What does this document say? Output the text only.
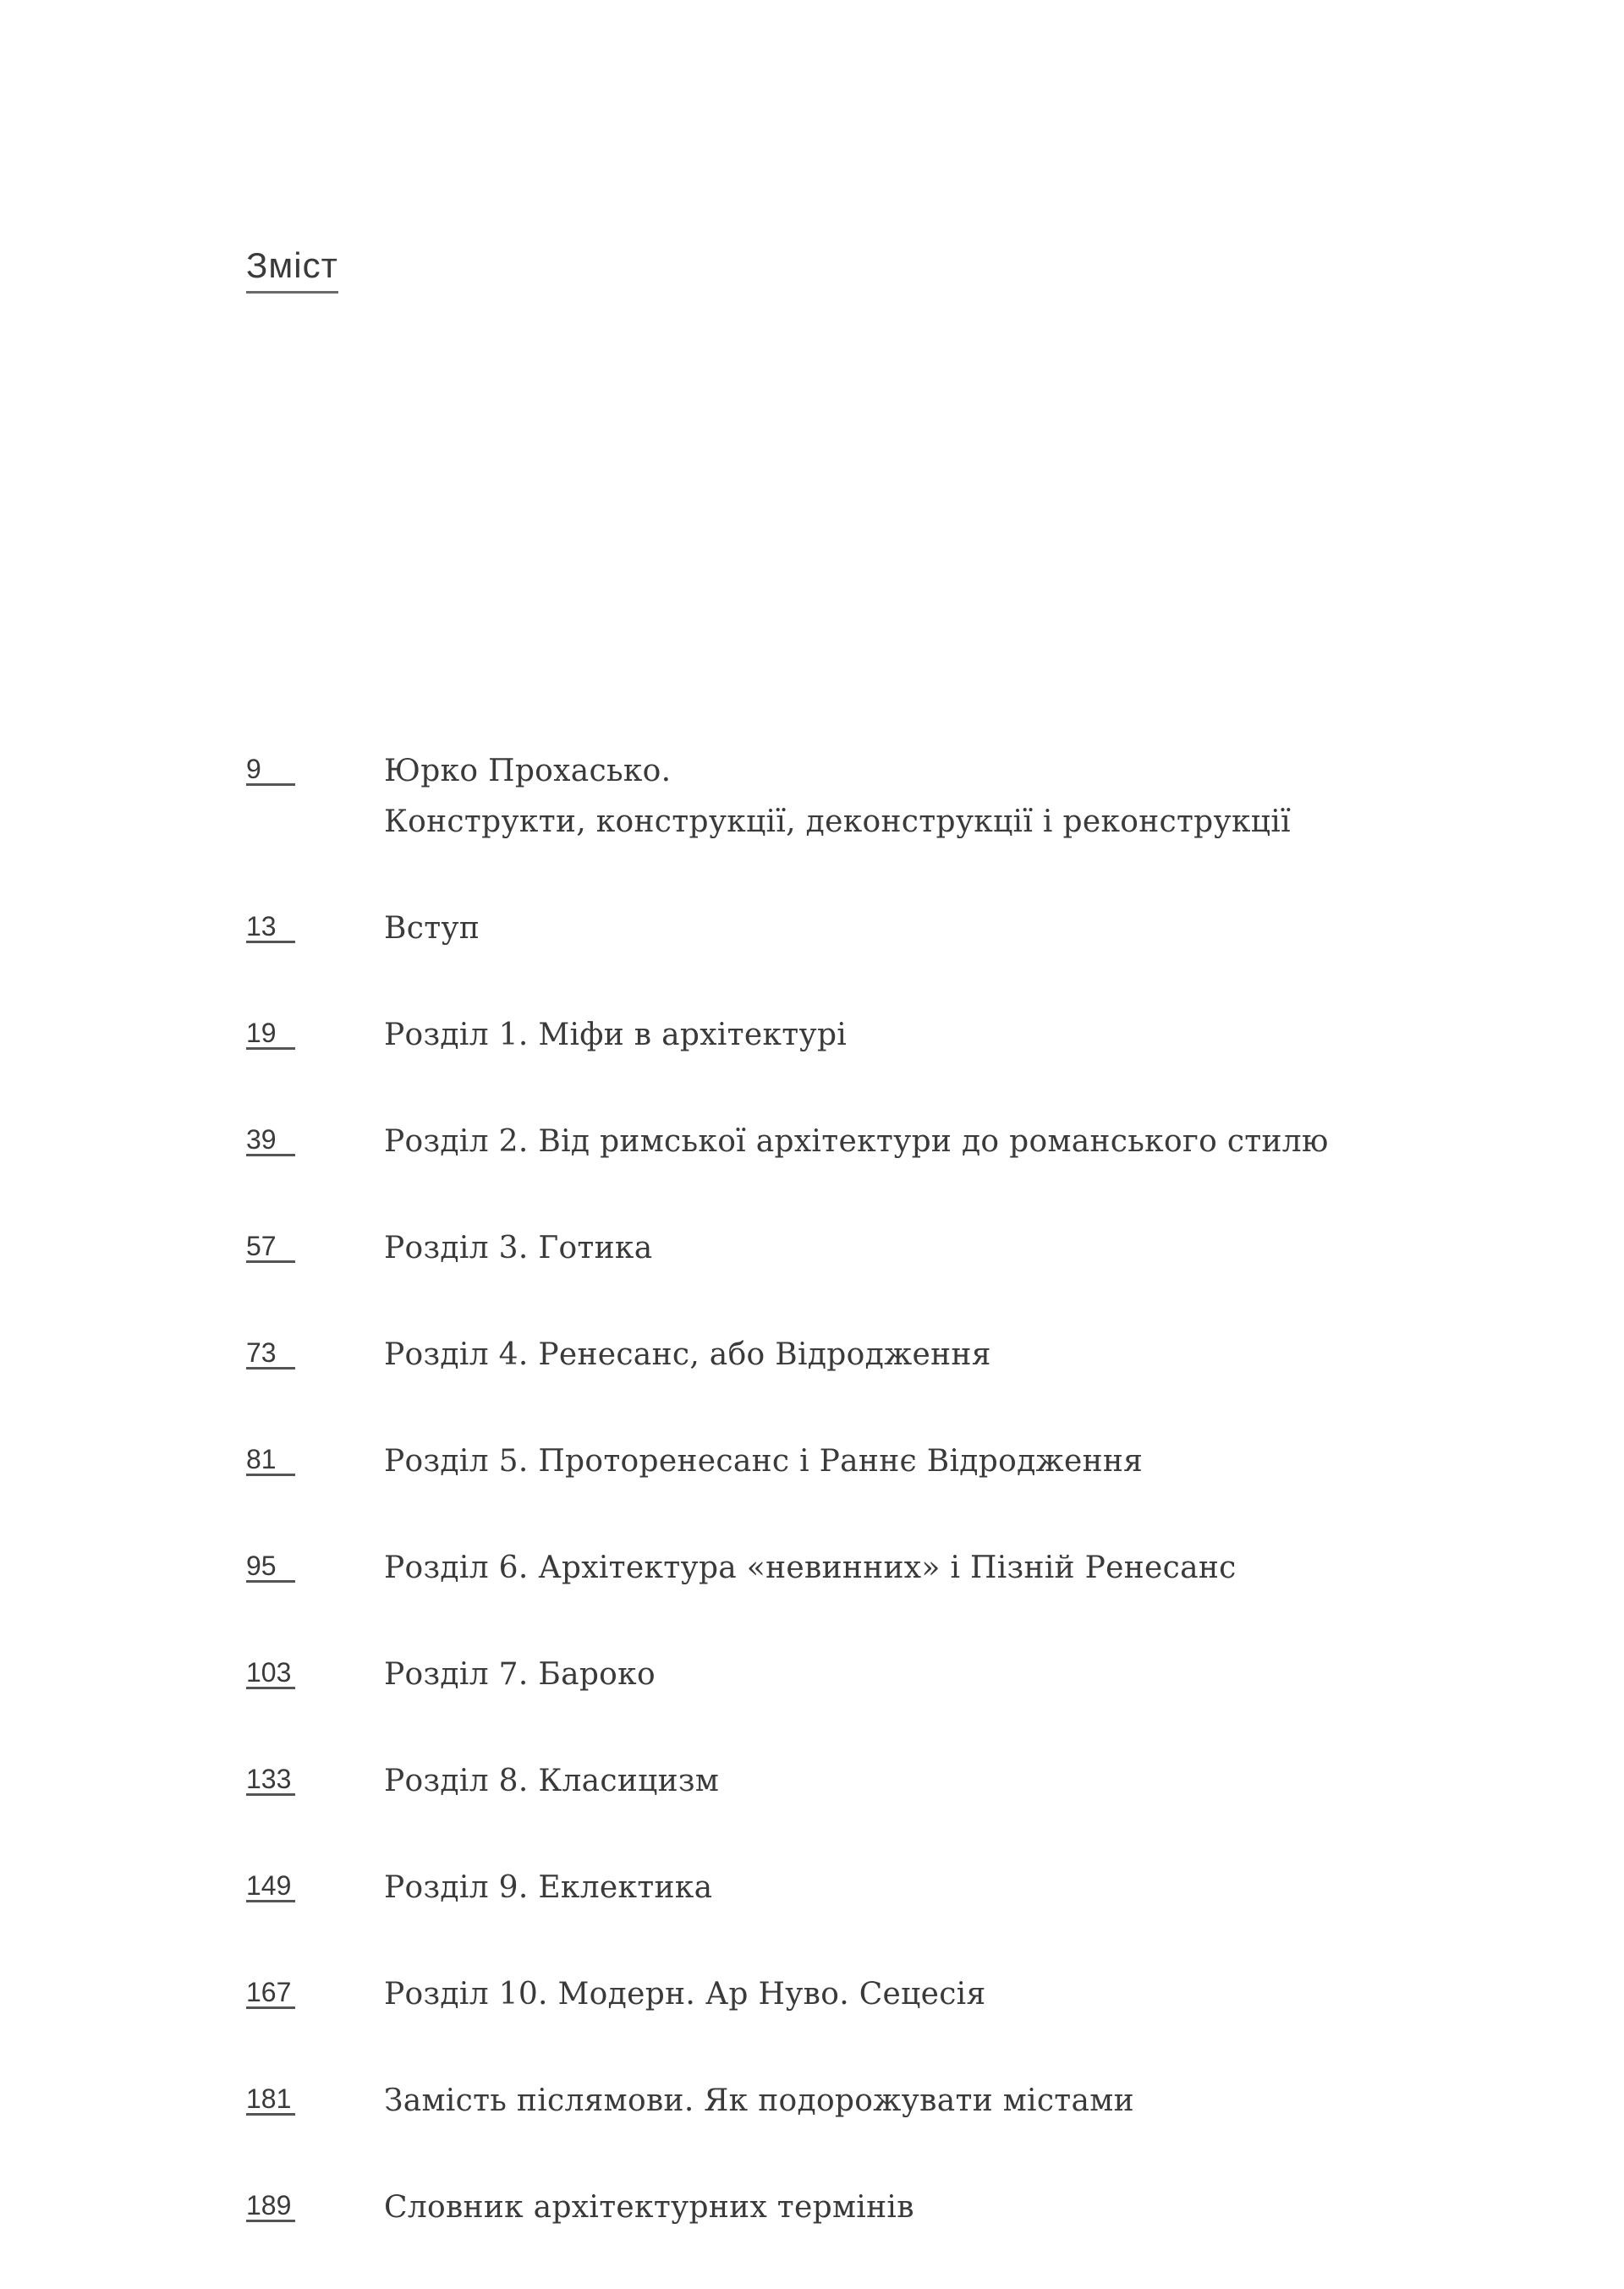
Зміст
9	Юрко Прохасько.
Конструкти, конструкції, деконструкції і реконструкції
13	Вступ
19	Розділ 1. Міфи в архітектурі
39	Розділ 2. Від римської архітектури до романського стилю
57	Розділ 3. Готика
73	Розділ 4. Ренесанс, або Відродження
81	Розділ 5. Проторенесанс і Раннє Відродження
95	Розділ 6. Архітектура «невинних» і Пізній Ренесанс
103	Розділ 7. Бароко
133	Розділ 8. Класицизм
149	Розділ 9. Еклектика
167	Розділ 10. Модерн. Ар Нуво. Сецесія
181	Замість післямови. Як подорожувати містами
189	Словник архітектурних термінів
